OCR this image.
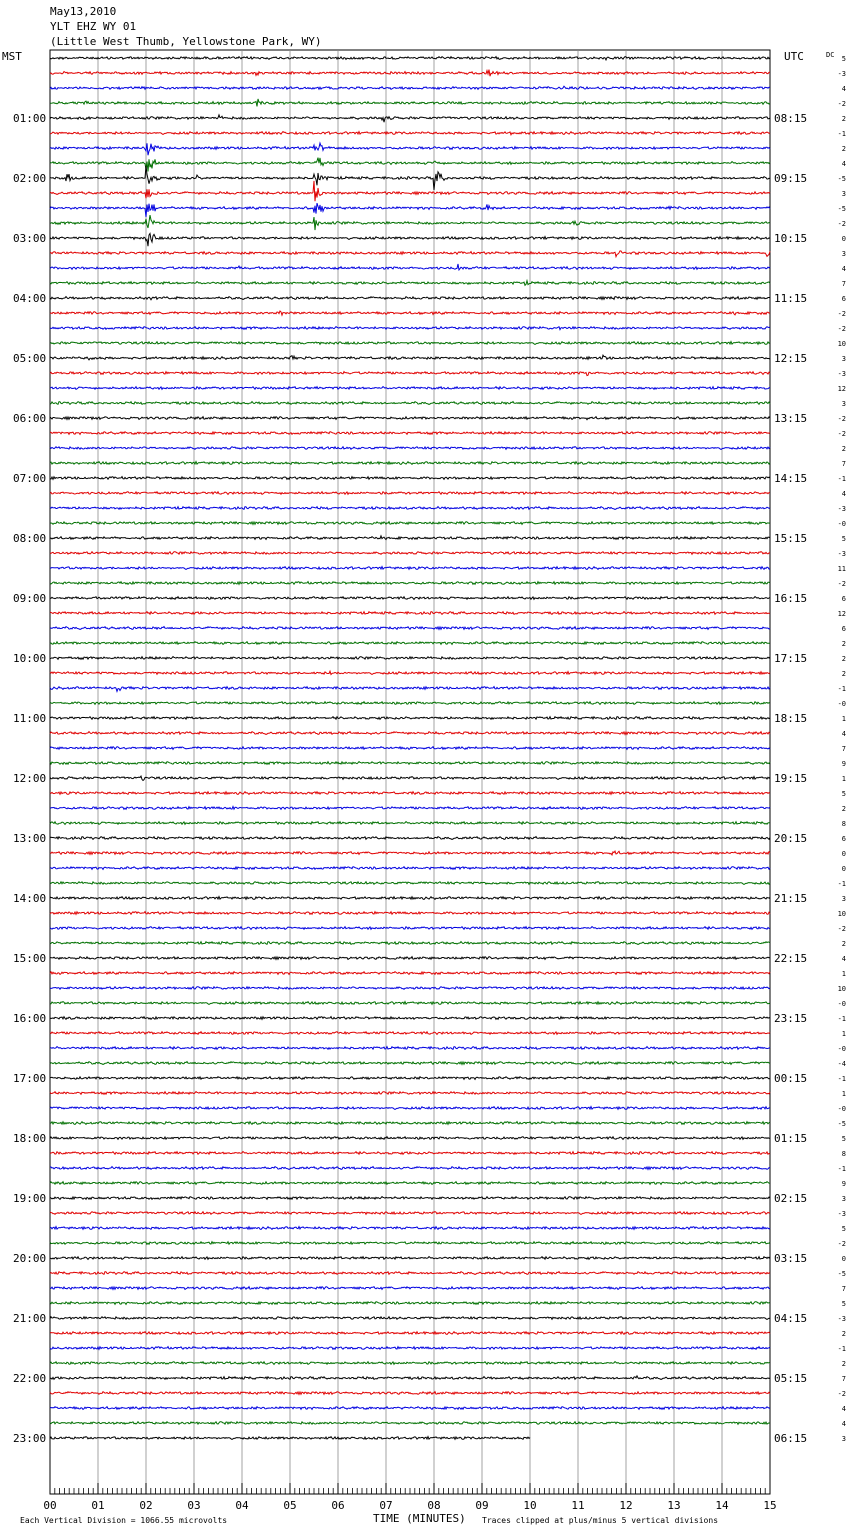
May13,2010
YLT EHZ WY 01
(Little West Thumb, Yellowstone Park, WY)
MST	UTC	DC
01:00
02:00
03:00
04:00
05:00
06:00
07:00
08:00
09:00
10:00
11:00
12:00
13:00
14:00
15:00
16:00
17:00
18:00
19:00
20:00
21:00
22:00
23:00
08:15
09:15
10:15
11:15
12:15
13:15
14:15
15:15
16:15
17:15
18:15
19:15
20:15
21:15
22:15
23:15
00:15
01:15
02:15
03:15
04:15
05:15
06:15
5
-3
4
-2
2
-1
2
4
-5
3
-5
-2
0
3
4
7
6
-2
-2
10
3
-3
12
3
-2
-2
2
7
-1
4
-3
-0
5
-3
11
-2
6
12
6
2
2
2
-1
-0
1
4
7
9
1
5
2
8
6
0
0
-1
3
10
-2
2
4
1
10
-0
-1
1
-0
-4
-1
1
-0
-5
5
8
-1
9
3
-3
5
-2
0
-5
7
5
-3
2
-1
2
7
-2
4
4
3
00	01	02	03	04	05	06	07	08	09	10	11	12	13	14	15
TIME (MINUTES)
Each Vertical Division = 1066.55 microvolts	Traces clipped at plus/minus 5 vertical divisions
